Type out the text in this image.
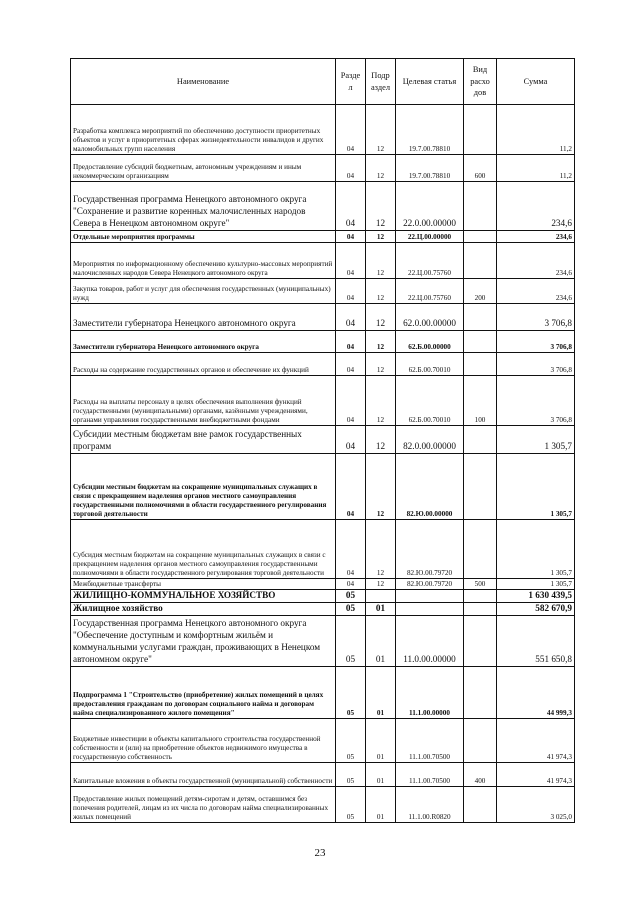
Наименование	Разде л	Подр аздел	Целевая статья	Вид расхо дов	Сумма
Разработка комплекса мероприятий по обеспечению доступности приоритетных объектов и услуг в приоритетных сферах жизнедеятельности инвалидов и других маломобильных групп населения	04	12	19.7.00.78810		11,2
Предоставление субсидий бюджетным, автономным учреждениям и иным некоммерческим организациям	04	12	19.7.00.78810	600	11,2
Государственная программа Ненецкого автономного округа "Сохранение и развитие коренных малочисленных народов Севера в Ненецком автономном округе"	04	12	22.0.00.00000		234,6
Отдельные мероприятия программы	04	12	22.Ц.00.00000		234,6
Мероприятия по информационному обеспечению культурно-массовых мероприятий малочисленных народов Севера Ненецкого автономного округа	04	12	22.Ц.00.75760		234,6
Закупка товаров, работ и услуг для обеспечения государственных (муниципальных) нужд	04	12	22.Ц.00.75760	200	234,6
Заместители губернатора Ненецкого автономного округа	04	12	62.0.00.00000		3 706,8
Заместители губернатора Ненецкого автономного округа	04	12	62.Б.00.00000		3 706,8
Расходы на содержание государственных органов и обеспечение их функций	04	12	62.Б.00.70010		3 706,8
Расходы на выплаты персоналу в целях обеспечения выполнения функций государственными (муниципальными) органами, казёнными учреждениями, органами управления государственными внебюджетными фондами	04	12	62.Б.00.70010	100	3 706,8
Субсидии местным бюджетам вне рамок государственных программ	04	12	82.0.00.00000		1 305,7
Субсидии местным бюджетам на сокращение муниципальных служащих в связи с прекращением наделения органов местного самоуправления государственными полномочиями в области государственного регулирования торговой деятельности	04	12	82.Ю.00.00000		1 305,7
Субсидия местным бюджетам на сокращение муниципальных служащих в связи с прекращением наделения органов местного самоуправления государственными полномочиями в области государственного регулирования торговой деятельности	04	12	82.Ю.00.79720		1 305,7
Межбюджетные трансферты	04	12	82.Ю.00.79720	500	1 305,7
ЖИЛИЩНО-КОММУНАЛЬНОЕ ХОЗЯЙСТВО	05				1 630 439,5
Жилищное хозяйство	05	01			582 670,9
Государственная программа Ненецкого автономного округа "Обеспечение доступным и комфортным жильём и коммунальными услугами граждан, проживающих в Ненецком автономном округе"	05	01	11.0.00.00000		551 650,8
Подпрограмма 1 "Строительство (приобретение) жилых помещений в целях предоставления гражданам по договорам социального найма и договорам найма специализированного жилого помещения"	05	01	11.1.00.00000		44 999,3
Бюджетные инвестиции в объекты капитального строительства государственной собственности и (или) на приобретение объектов недвижимого имущества в государственную собственность	05	01	11.1.00.70500		41 974,3
Капитальные вложения в объекты государственной (муниципальной) собственности	05	01	11.1.00.70500	400	41 974,3
Предоставление жилых помещений детям-сиротам и детям, оставшимся без попечения родителей, лицам из их числа по договорам найма специализированных жилых помещений	05	01	11.1.00.R0820		3 025,0
23
